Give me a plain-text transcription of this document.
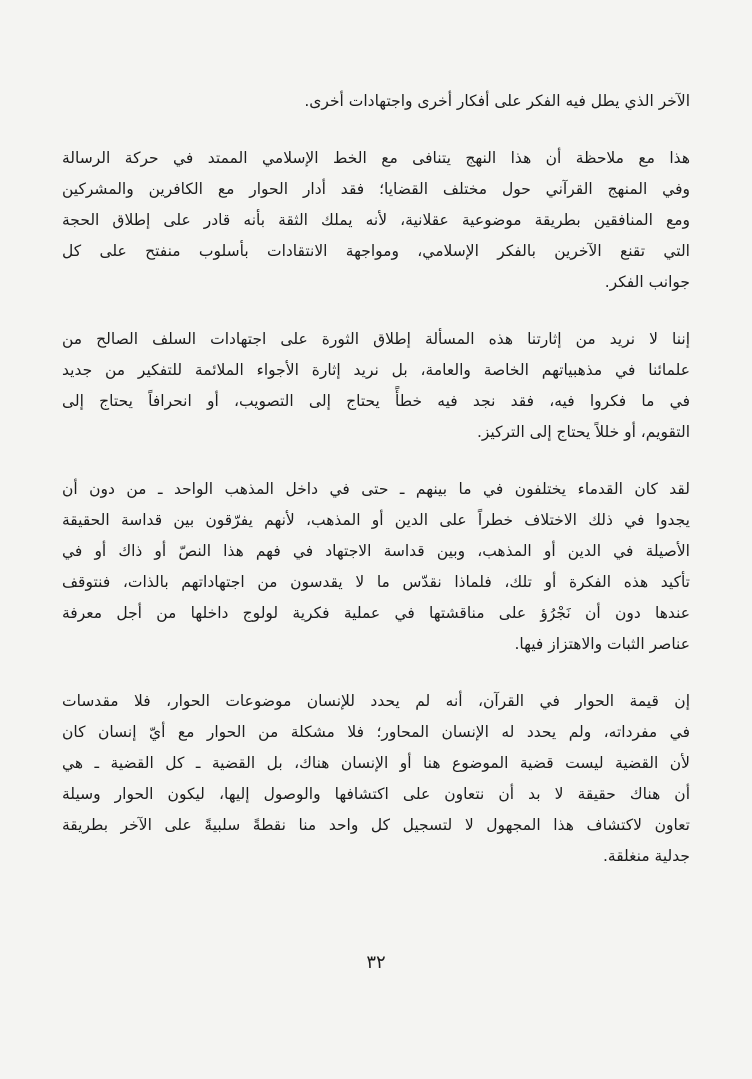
الآخر الذي يطل فيه الفكر على أفكار أخرى واجتهادات أخرى.

هذا مع ملاحظة أن هذا النهج يتنافى مع الخط الإسلامي الممتد في حركة الرسالة
وفي المنهج القرآني حول مختلف القضايا؛ فقد أدار الحوار مع الكافرين والمشركين
ومع المنافقين بطريقة موضوعية عقلانية، لأنه يملك الثقة بأنه قادر على إطلاق الحجة
التي تقنع الآخرين بالفكر الإسلامي، ومواجهة الانتقادات بأسلوب منفتح على كل
جوانب الفكر.

إننا لا نريد من إثارتنا هذه المسألة إطلاق الثورة على اجتهادات السلف الصالح من
علمائنا في مذهبياتهم الخاصة والعامة، بل نريد إثارة الأجواء الملائمة للتفكير من جديد
في ما فكروا فيه، فقد نجد فيه خطأً يحتاج إلى التصويب، أو انحرافاً يحتاج إلى
التقويم، أو خللاً يحتاج إلى التركيز.

لقد كان القدماء يختلفون في ما بينهم ـ حتى في داخل المذهب الواحد ـ من دون أن
يجدوا في ذلك الاختلاف خطراً على الدين أو المذهب، لأنهم يفرّقون بين قداسة الحقيقة
الأصيلة في الدين أو المذهب، وبين قداسة الاجتهاد في فهم هذا النصّ أو ذاك أو في
تأكيد هذه الفكرة أو تلك، فلماذا نقدّس ما لا يقدسون من اجتهاداتهم بالذات، فنتوقف
عندها دون أن نَجْرُؤ على مناقشتها في عملية فكرية لولوج داخلها من أجل معرفة
عناصر الثبات والاهتزاز فيها.

إن قيمة الحوار في القرآن، أنه لم يحدد للإنسان موضوعات الحوار، فلا مقدسات
في مفرداته، ولم يحدد له الإنسان المحاور؛ فلا مشكلة من الحوار مع أيّ إنسان كان
لأن القضية ليست قضية الموضوع هنا أو الإنسان هناك، بل القضية ـ كل القضية ـ هي
أن هناك حقيقة لا بد أن نتعاون على اكتشافها والوصول إليها، ليكون الحوار وسيلة
تعاون لاكتشاف هذا المجهول لا لتسجيل كل واحد منا نقطةً سلبيةً على الآخر بطريقة
جدلية منغلقة.

٣٢
